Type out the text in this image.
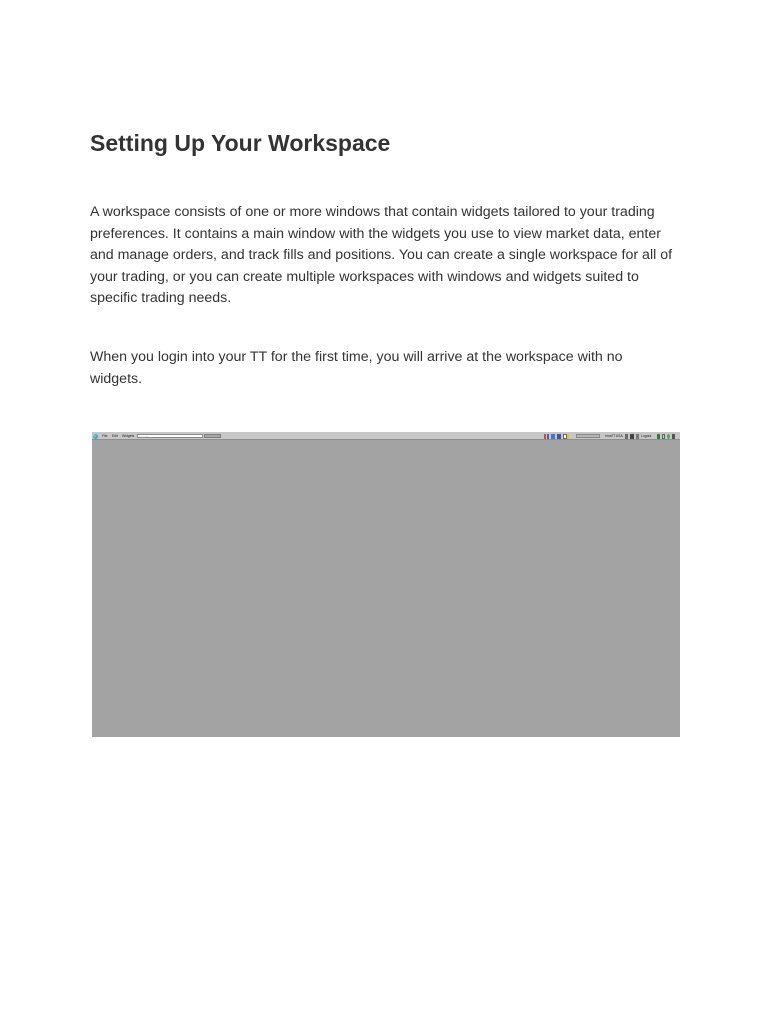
Setting Up Your Workspace

A workspace consists of one or more windows that contain widgets tailored to your trading preferences. It contains a main window with the widgets you use to view market data, enter and manage orders, and track fills and positions. You can create a single workspace for all of your trading, or you can create multiple workspaces with windows and widgets suited to specific trading needs.

When you login into your TT for the first time, you will arrive at the workspace with no widgets.

File Edit Widgets	Search	IrinaTTUSA	Logout
